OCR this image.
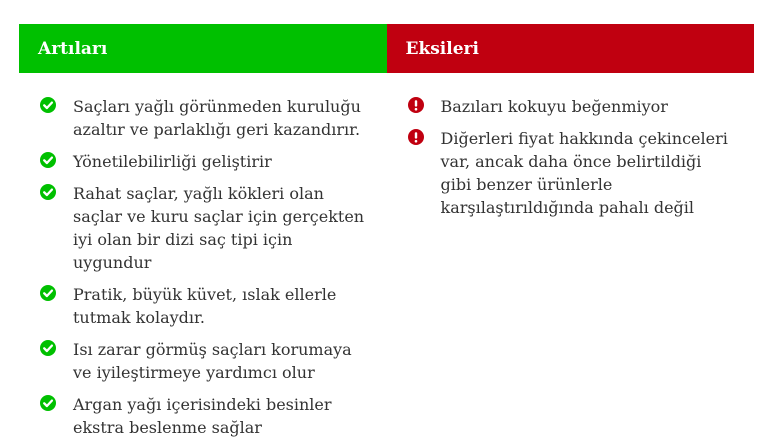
Artıları
Saçları yağlı görünmeden kuruluğu azaltır ve parlaklığı geri kazandırır.
Yönetilebilirliği geliştirir
Rahat saçlar, yağlı kökleri olan saçlar ve kuru saçlar için gerçekten iyi olan bir dizi saç tipi için uygundur
Pratik, büyük küvet, ıslak ellerle tutmak kolaydır.
Isı zarar görmüş saçları korumaya ve iyileştirmeye yardımcı olur
Argan yağı içerisindeki besinler ekstra beslenme sağlar
Eksileri
Bazıları kokuyu beğenmiyor
Diğerleri fiyat hakkında çekinceleri var, ancak daha önce belirtildiği gibi benzer ürünlerle karşılaştırıldığında pahalı değil
